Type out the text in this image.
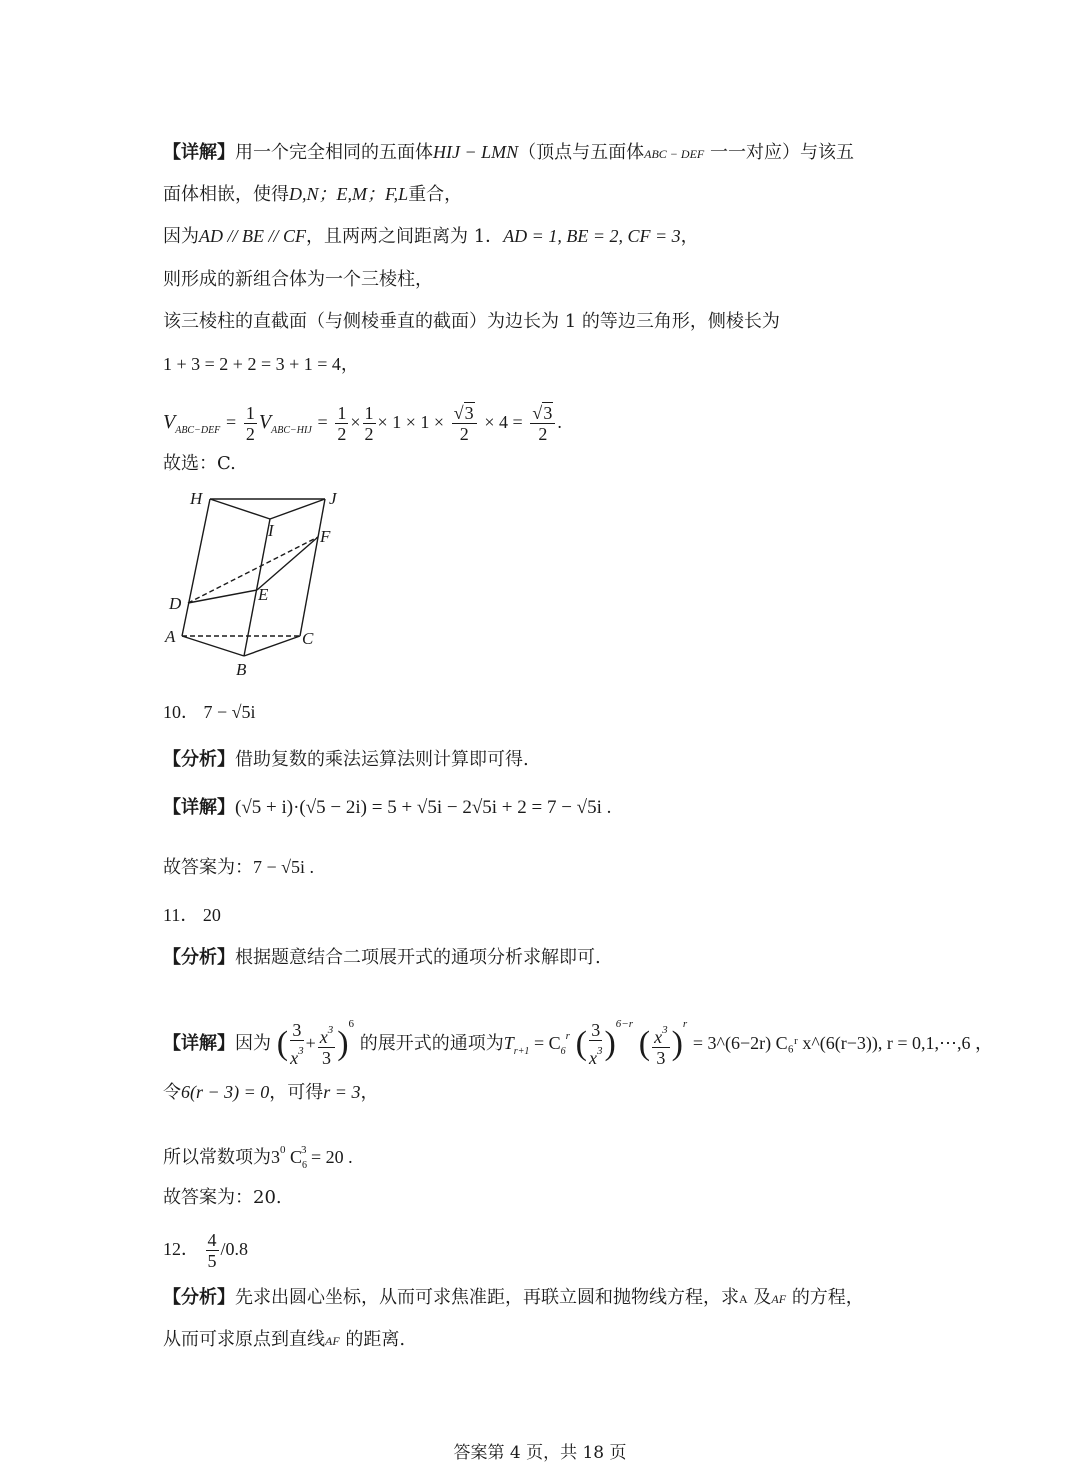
【详解】用一个完全相同的五面体HIJ − LMN（顶点与五面体ABC − DEF 一一对应）与该五
面体相嵌，使得D,N；E,M；F,L重合，
因为AD // BE // CF，且两两之间距离为 1．AD = 1, BE = 2, CF = 3，
则形成的新组合体为一个三棱柱，
该三棱柱的直截面（与侧棱垂直的截面）为边长为 1 的等边三角形，侧棱长为
1 + 3 = 2 + 2 = 3 + 1 = 4，
$V_{ABC-DEF} = \frac{1}{2} V_{ABC-HIJ} = \frac{1}{2} \times \frac{1}{2} \times 1 \times 1 \times \frac{√3}{2} \times 4 = \frac{√3}{2}$ .
故选：C.
H	J
I	F
D	E
A	C
B
10． 7 − √5i
【分析】借助复数的乘法运算法则计算即可得.
【详解】(√5 + i)·(√5 − 2i) = 5 + √5i − 2√5i + 2 = 7 − √5i .
故答案为：7 − √5i .
11． 20
【分析】根据题意结合二项展开式的通项分析求解即可.
【详解】因为 ( $\frac{3}{x^3} + \frac{x^3}{3} )^6$ 的展开式的通项为$T_{r+1} = C_6^r$ ( $\frac{3}{x^3} )^{6-r}$ ( $\frac{x^3}{3} )^r$ = 3^(6−2r) C₆ʳ x^(6(r−3)), r = 0,1,⋯,6 ，
令6(r − 3) = 0，可得r = 3，
所以常数项为$3^0$ $C_6^3 = 20$ .
故答案为：20.
12． $\frac{4}{5} /0.8$
【分析】先求出圆心坐标，从而可求焦准距，再联立圆和抛物线方程，求A 及AF 的方程，
从而可求原点到直线AF 的距离.
答案第 4 页，共 18 页
